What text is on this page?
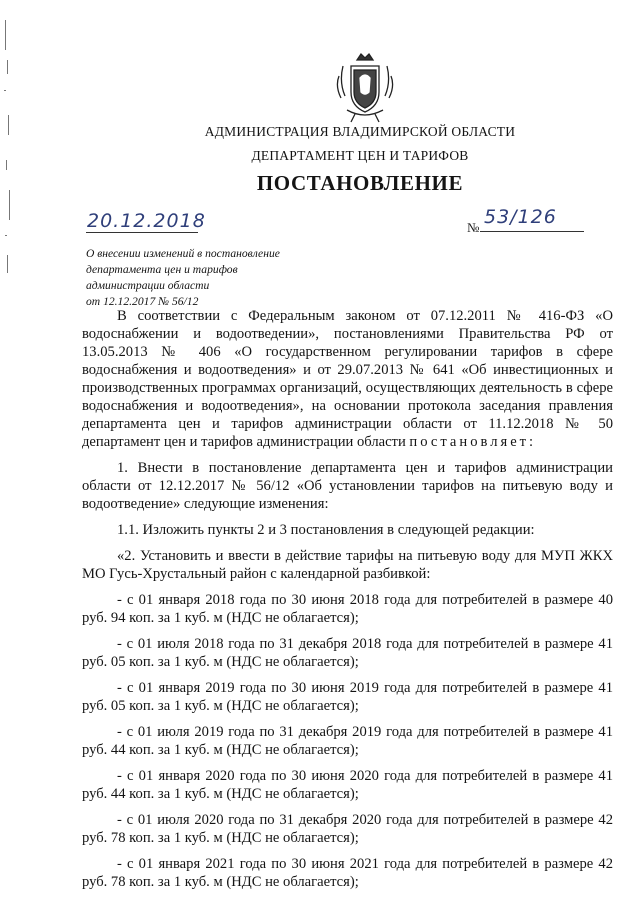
АДМИНИСТРАЦИЯ ВЛАДИМИРСКОЙ ОБЛАСТИ
ДЕПАРТАМЕНТ ЦЕН И ТАРИФОВ
ПОСТАНОВЛЕНИЕ
20.12.2018	№ 53/126
О внесении изменений в постановление
департамента цен и тарифов
администрации области
от 12.12.2017 № 56/12

В соответствии с Федеральным законом от 07.12.2011 № 416-ФЗ «О водоснабжении и водоотведении», постановлениями Правительства РФ от 13.05.2013 № 406 «О государственном регулировании тарифов в сфере водоснабжения и водоотведения» и от 29.07.2013 № 641 «Об инвестиционных и производственных программах организаций, осуществляющих деятельность в сфере водоснабжения и водоотведения», на основании протокола заседания правления департамента цен и тарифов администрации области от 11.12.2018 № 50 департамент цен и тарифов администрации области постановляет:

1. Внести в постановление департамента цен и тарифов администрации области от 12.12.2017 № 56/12 «Об установлении тарифов на питьевую воду и водоотведение» следующие изменения:

1.1. Изложить пункты 2 и 3 постановления в следующей редакции:

«2. Установить и ввести в действие тарифы на питьевую воду для МУП ЖКХ МО Гусь-Хрустальный район с календарной разбивкой:

- с 01 января 2018 года по 30 июня 2018 года для потребителей в размере 40 руб. 94 коп. за 1 куб. м (НДС не облагается);

- с 01 июля 2018 года по 31 декабря 2018 года для потребителей в размере 41 руб. 05 коп. за 1 куб. м (НДС не облагается);

- с 01 января 2019 года по 30 июня 2019 года для потребителей в размере 41 руб. 05 коп. за 1 куб. м (НДС не облагается);

- с 01 июля 2019 года по 31 декабря 2019 года для потребителей в размере 41 руб. 44 коп. за 1 куб. м (НДС не облагается);

- с 01 января 2020 года по 30 июня 2020 года для потребителей в размере 41 руб. 44 коп. за 1 куб. м (НДС не облагается);

- с 01 июля 2020 года по 31 декабря 2020 года для потребителей в размере 42 руб. 78 коп. за 1 куб. м (НДС не облагается);

- с 01 января 2021 года по 30 июня 2021 года для потребителей в размере 42 руб. 78 коп. за 1 куб. м (НДС не облагается);
